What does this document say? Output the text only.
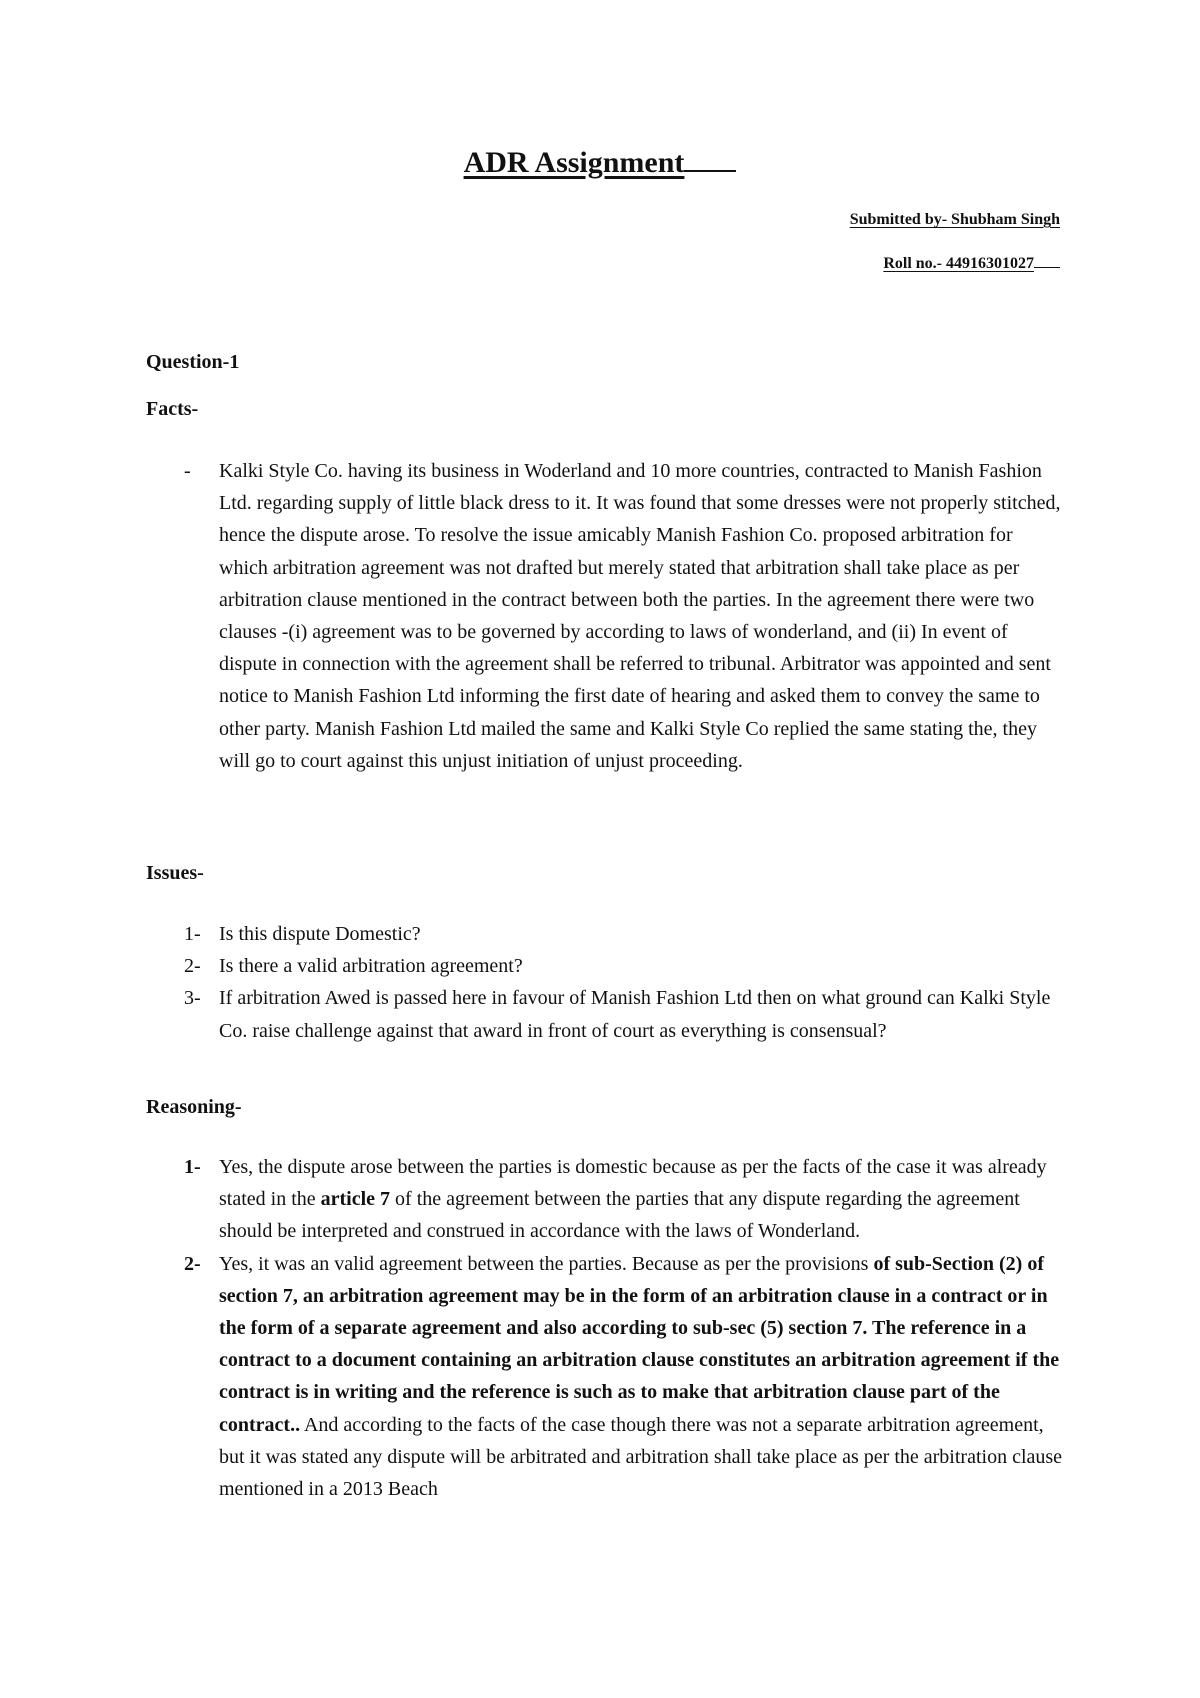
ADR Assignment
Submitted by- Shubham Singh
Roll no.- 44916301027
Question-1
Facts-
- Kalki Style Co. having its business in Woderland and 10 more countries, contracted to Manish Fashion Ltd. regarding supply of little black dress to it. It was found that some dresses were not properly stitched, hence the dispute arose. To resolve the issue amicably Manish Fashion Co. proposed arbitration for which arbitration agreement was not drafted but merely stated that arbitration shall take place as per arbitration clause mentioned in the contract between both the parties. In the agreement there were two clauses -(i) agreement was to be governed by according to laws of wonderland, and (ii) In event of dispute in connection with the agreement shall be referred to tribunal. Arbitrator was appointed and sent notice to Manish Fashion Ltd informing the first date of hearing and asked them to convey the same to other party. Manish Fashion Ltd mailed the same and Kalki Style Co replied the same stating the, they will go to court against this unjust initiation of unjust proceeding.
Issues-
1- Is this dispute Domestic?
2- Is there a valid arbitration agreement?
3- If arbitration Awed is passed here in favour of Manish Fashion Ltd then on what ground can Kalki Style Co. raise challenge against that award in front of court as everything is consensual?
Reasoning-
1- Yes, the dispute arose between the parties is domestic because as per the facts of the case it was already stated in the article 7 of the agreement between the parties that any dispute regarding the agreement should be interpreted and construed in accordance with the laws of Wonderland.
2- Yes, it was an valid agreement between the parties. Because as per the provisions of sub-Section (2) of section 7, an arbitration agreement may be in the form of an arbitration clause in a contract or in the form of a separate agreement and also according to sub-sec (5) section 7. The reference in a contract to a document containing an arbitration clause constitutes an arbitration agreement if the contract is in writing and the reference is such as to make that arbitration clause part of the contract.. And according to the facts of the case though there was not a separate arbitration agreement, but it was stated any dispute will be arbitrated and arbitration shall take place as per the arbitration clause mentioned in a 2013 Beach
